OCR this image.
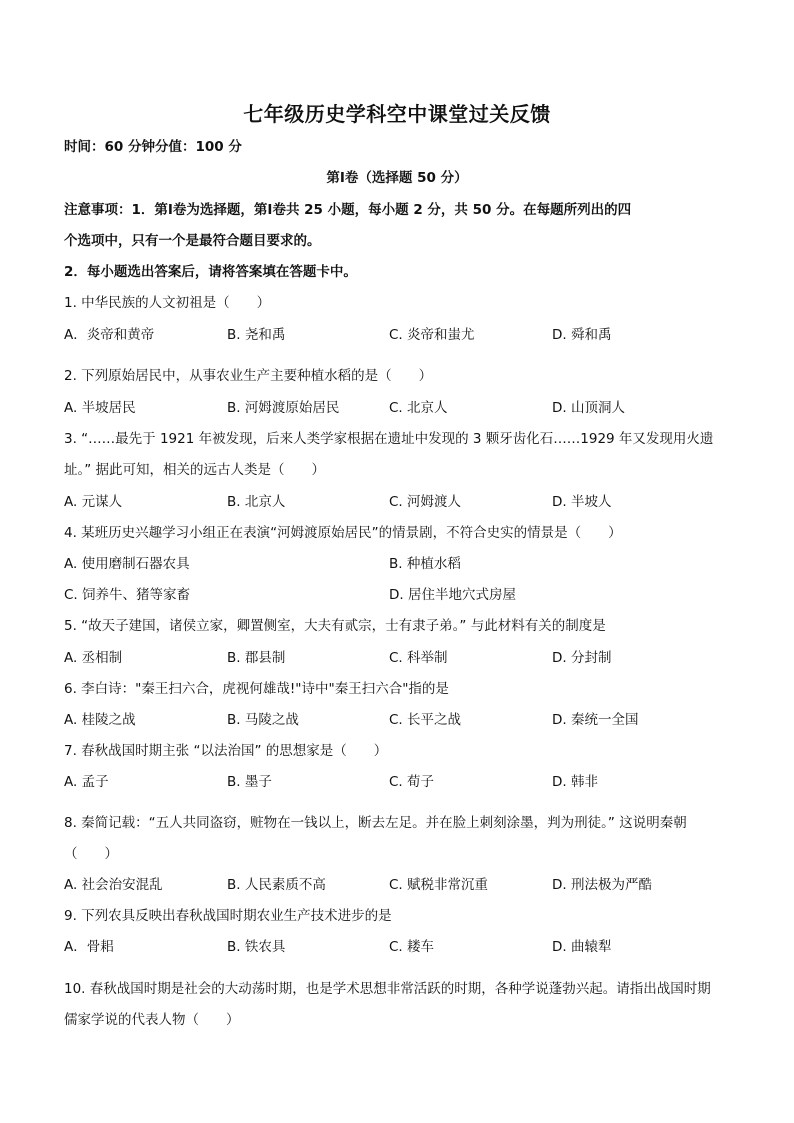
七年级历史学科空中课堂过关反馈
时间：60 分钟分值：100 分
第Ⅰ卷（选择题 50 分）
注意事项：1．第Ⅰ卷为选择题，第Ⅰ卷共 25 小题，每小题 2 分，共 50 分。在每题所列出的四
个选项中，只有一个是最符合题目要求的。
2．每小题选出答案后，请将答案填在答题卡中。
1. 中华民族的人文初祖是（　　）
A．炎帝和黄帝	B. 尧和禹	C. 炎帝和蚩尤	D. 舜和禹
2. 下列原始居民中，从事农业生产主要种植水稻的是（　　）
A. 半坡居民	B. 河姆渡原始居民	C. 北京人	D. 山顶洞人
3. “……最先于 1921 年被发现，后来人类学家根据在遗址中发现的 3 颗牙齿化石……1929 年又发现用火遗
址。” 据此可知，相关的远古人类是（　　）
A. 元谋人	B. 北京人	C. 河姆渡人	D. 半坡人
4. 某班历史兴趣学习小组正在表演“河姆渡原始居民”的情景剧，不符合史实的情景是（　　）
A. 使用磨制石器农具	B. 种植水稻
C. 饲养牛、猪等家畜	D. 居住半地穴式房屋
5. “故天子建国，诸侯立家，卿置侧室，大夫有贰宗，士有隶子弟。” 与此材料有关的制度是
A. 丞相制	B. 郡县制	C. 科举制	D. 分封制
6. 李白诗："秦王扫六合，虎视何雄哉!"诗中"秦王扫六合"指的是
A. 桂陵之战	B. 马陵之战	C. 长平之战	D. 秦统一全国
7. 春秋战国时期主张 “以法治国” 的思想家是（　　）
A. 孟子	B. 墨子	C. 荀子	D. 韩非
8. 秦简记载：“五人共同盗窃，赃物在一钱以上，断去左足。并在脸上刺刻涂墨，判为刑徒。” 这说明秦朝
（　　）
A. 社会治安混乱	B. 人民素质不高	C. 赋税非常沉重	D. 刑法极为严酷
9. 下列农具反映出春秋战国时期农业生产技术进步的是
A．骨耜	B. 铁农具	C. 耧车	D. 曲辕犁
10. 春秋战国时期是社会的大动荡时期，也是学术思想非常活跃的时期，各种学说蓬勃兴起。请指出战国时期
儒家学说的代表人物（　　）
